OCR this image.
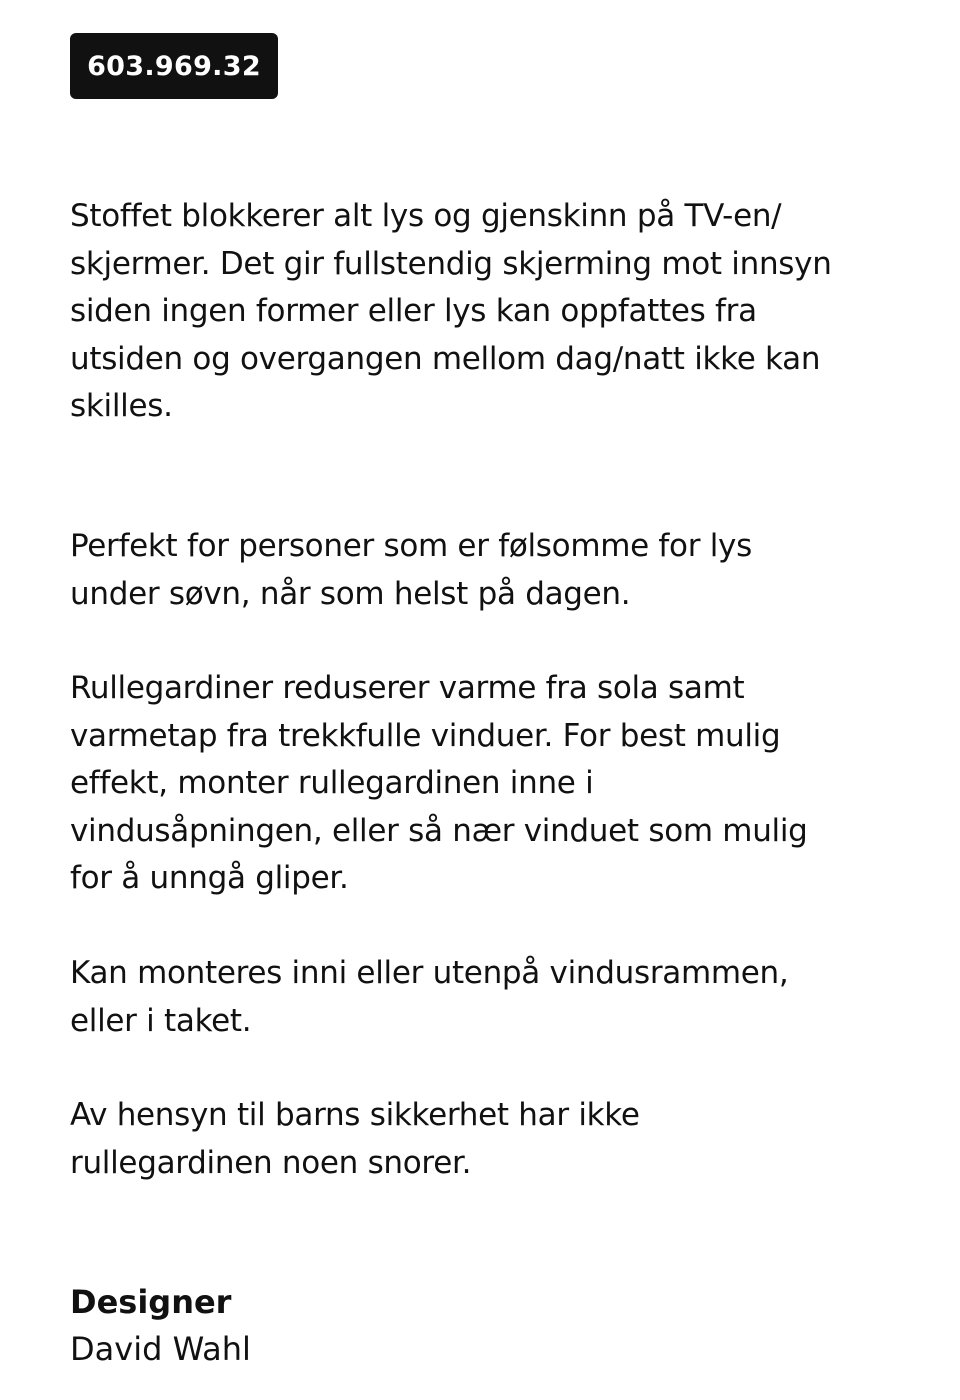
603.969.32
Stoffet blokkerer alt lys og gjenskinn på TV-en/
skjermer. Det gir fullstendig skjerming mot innsyn
siden ingen former eller lys kan oppfattes fra
utsiden og overgangen mellom dag/natt ikke kan
skilles.
Perfekt for personer som er følsomme for lys
under søvn, når som helst på dagen.
Rullegardiner reduserer varme fra sola samt
varmetap fra trekkfulle vinduer. For best mulig
effekt, monter rullegardinen inne i
vindusåpningen, eller så nær vinduet som mulig
for å unngå gliper.
Kan monteres inni eller utenpå vindusrammen,
eller i taket.
Av hensyn til barns sikkerhet har ikke
rullegardinen noen snorer.
Designer
David Wahl
